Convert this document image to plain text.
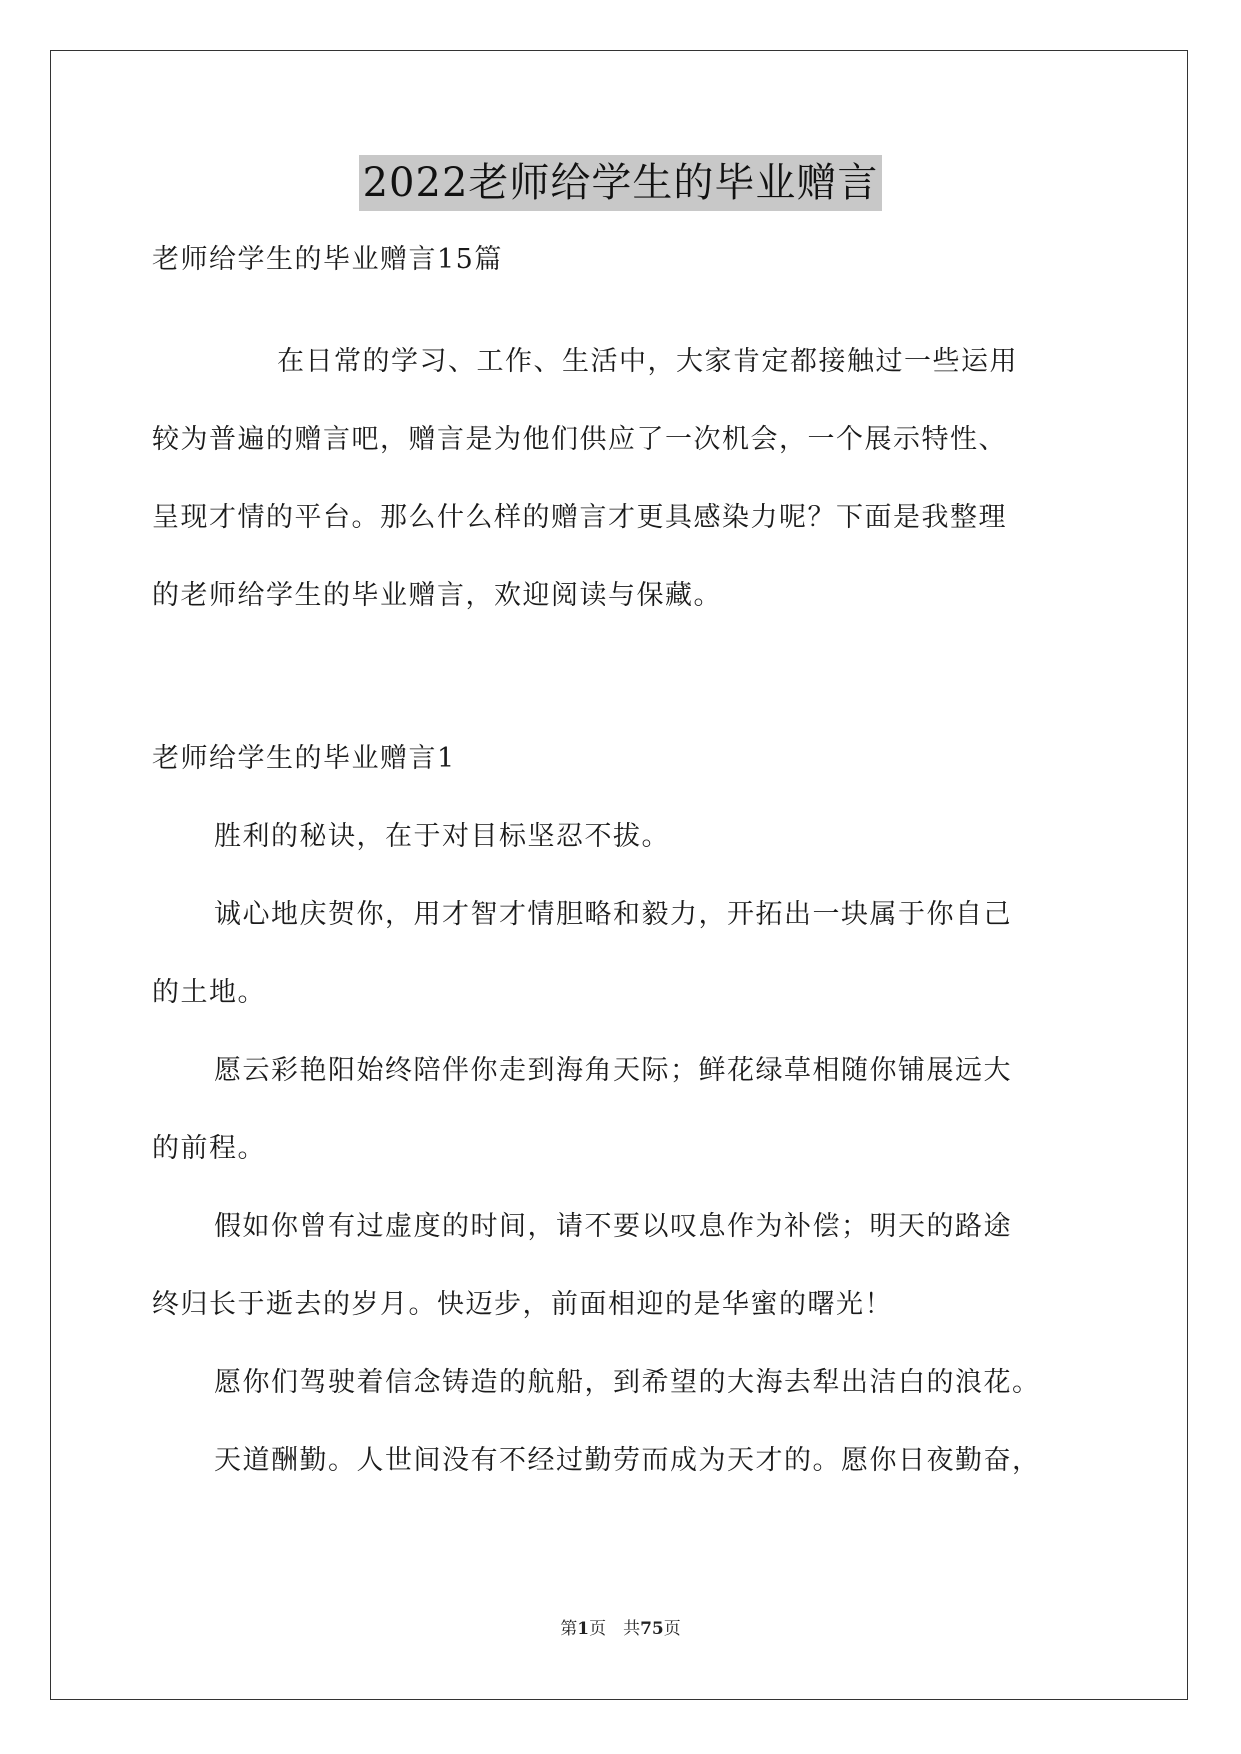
2022老师给学生的毕业赠言
老师给学生的毕业赠言15篇
在日常的学习、工作、生活中，大家肯定都接触过一些运用
较为普遍的赠言吧，赠言是为他们供应了一次机会，一个展示特性、
呈现才情的平台。那么什么样的赠言才更具感染力呢？下面是我整理
的老师给学生的毕业赠言，欢迎阅读与保藏。
老师给学生的毕业赠言1
胜利的秘诀，在于对目标坚忍不拔。
诚心地庆贺你，用才智才情胆略和毅力，开拓出一块属于你自己
的土地。
愿云彩艳阳始终陪伴你走到海角天际；鲜花绿草相随你铺展远大
的前程。
假如你曾有过虚度的时间，请不要以叹息作为补偿；明天的路途
终归长于逝去的岁月。快迈步，前面相迎的是华蜜的曙光！
愿你们驾驶着信念铸造的航船，到希望的大海去犁出洁白的浪花。
天道酬勤。人世间没有不经过勤劳而成为天才的。愿你日夜勤奋，
第1页　共75页
